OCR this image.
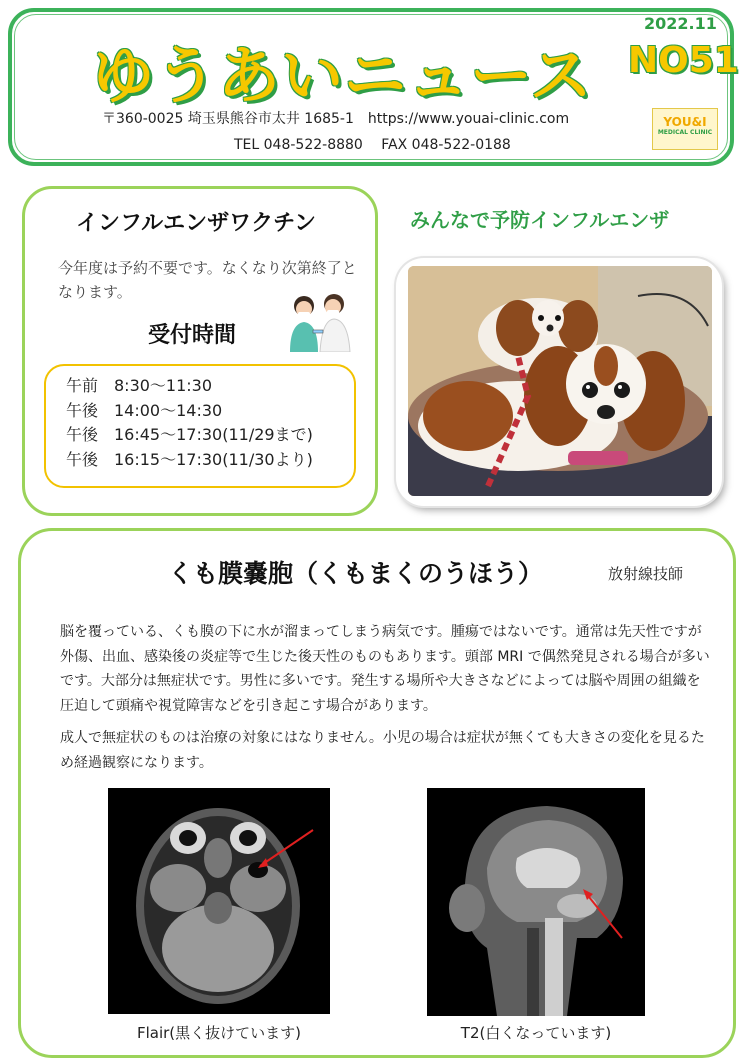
ゆうあいニュース
2022.11
NO51
〒360-0025 埼玉県熊谷市太井 1685-1　https://www.youai-clinic.com
TEL 048-522-8880　 FAX 048-522-0188
YOU&I
MEDICAL CLINIC
インフルエンザワクチン
今年度は予約不要です。なくなり次第終了となります。
受付時間
午前　8:30〜11:30
午後　14:00〜14:30
午後　16:45〜17:30(11/29まで)
午後　16:15〜17:30(11/30より)
みんなで予防インフルエンザ
くも膜嚢胞（くもまくのうほう）	放射線技師
脳を覆っている、くも膜の下に水が溜まってしまう病気です。腫瘍ではないです。通常は先天性ですが外傷、出血、感染後の炎症等で生じた後天性のものもあります。頭部 MRI で偶然発見される場合が多いです。大部分は無症状です。男性に多いです。発生する場所や大きさなどによっては脳や周囲の組織を圧迫して頭痛や視覚障害などを引き起こす場合があります。
成人で無症状のものは治療の対象にはなりません。小児の場合は症状が無くても大きさの変化を見るため経過観察になります。
Flair(黒く抜けています)	T2(白くなっています)
